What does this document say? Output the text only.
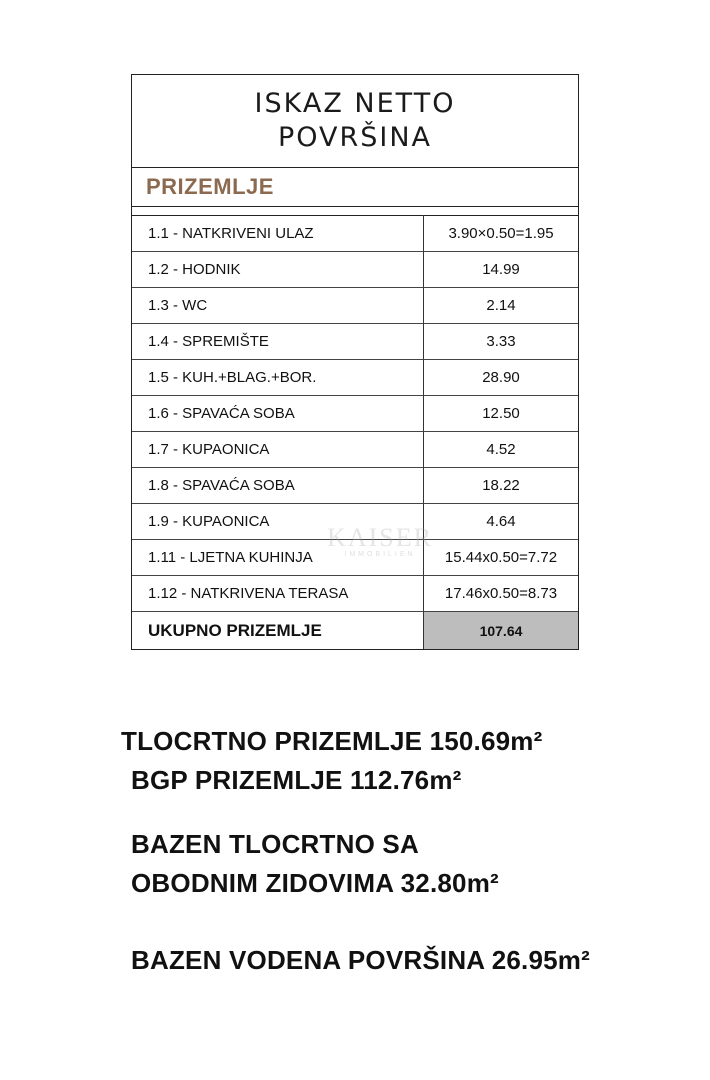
ISKAZ NETTO
POVRŠINA
PRIZEMLJE
1.1 - NATKRIVENI ULAZ	3.90×0.50=1.95
1.2 - HODNIK	14.99
1.3 - WC	2.14
1.4 - SPREMIŠTE	3.33
1.5 - KUH.+BLAG.+BOR.	28.90
1.6 - SPAVAĆA SOBA	12.50
1.7 - KUPAONICA	4.52
1.8 - SPAVAĆA SOBA	18.22
1.9 - KUPAONICA	4.64
1.11 - LJETNA KUHINJA	15.44x0.50=7.72
1.12 - NATKRIVENA TERASA	17.46x0.50=8.73
UKUPNO PRIZEMLJE	107.64
KAISER
IMMOBILIEN
TLOCRTNO PRIZEMLJE 150.69m²
BGP PRIZEMLJE 112.76m²
BAZEN TLOCRTNO SA
OBODNIM ZIDOVIMA 32.80m²
BAZEN VODENA POVRŠINA 26.95m²
